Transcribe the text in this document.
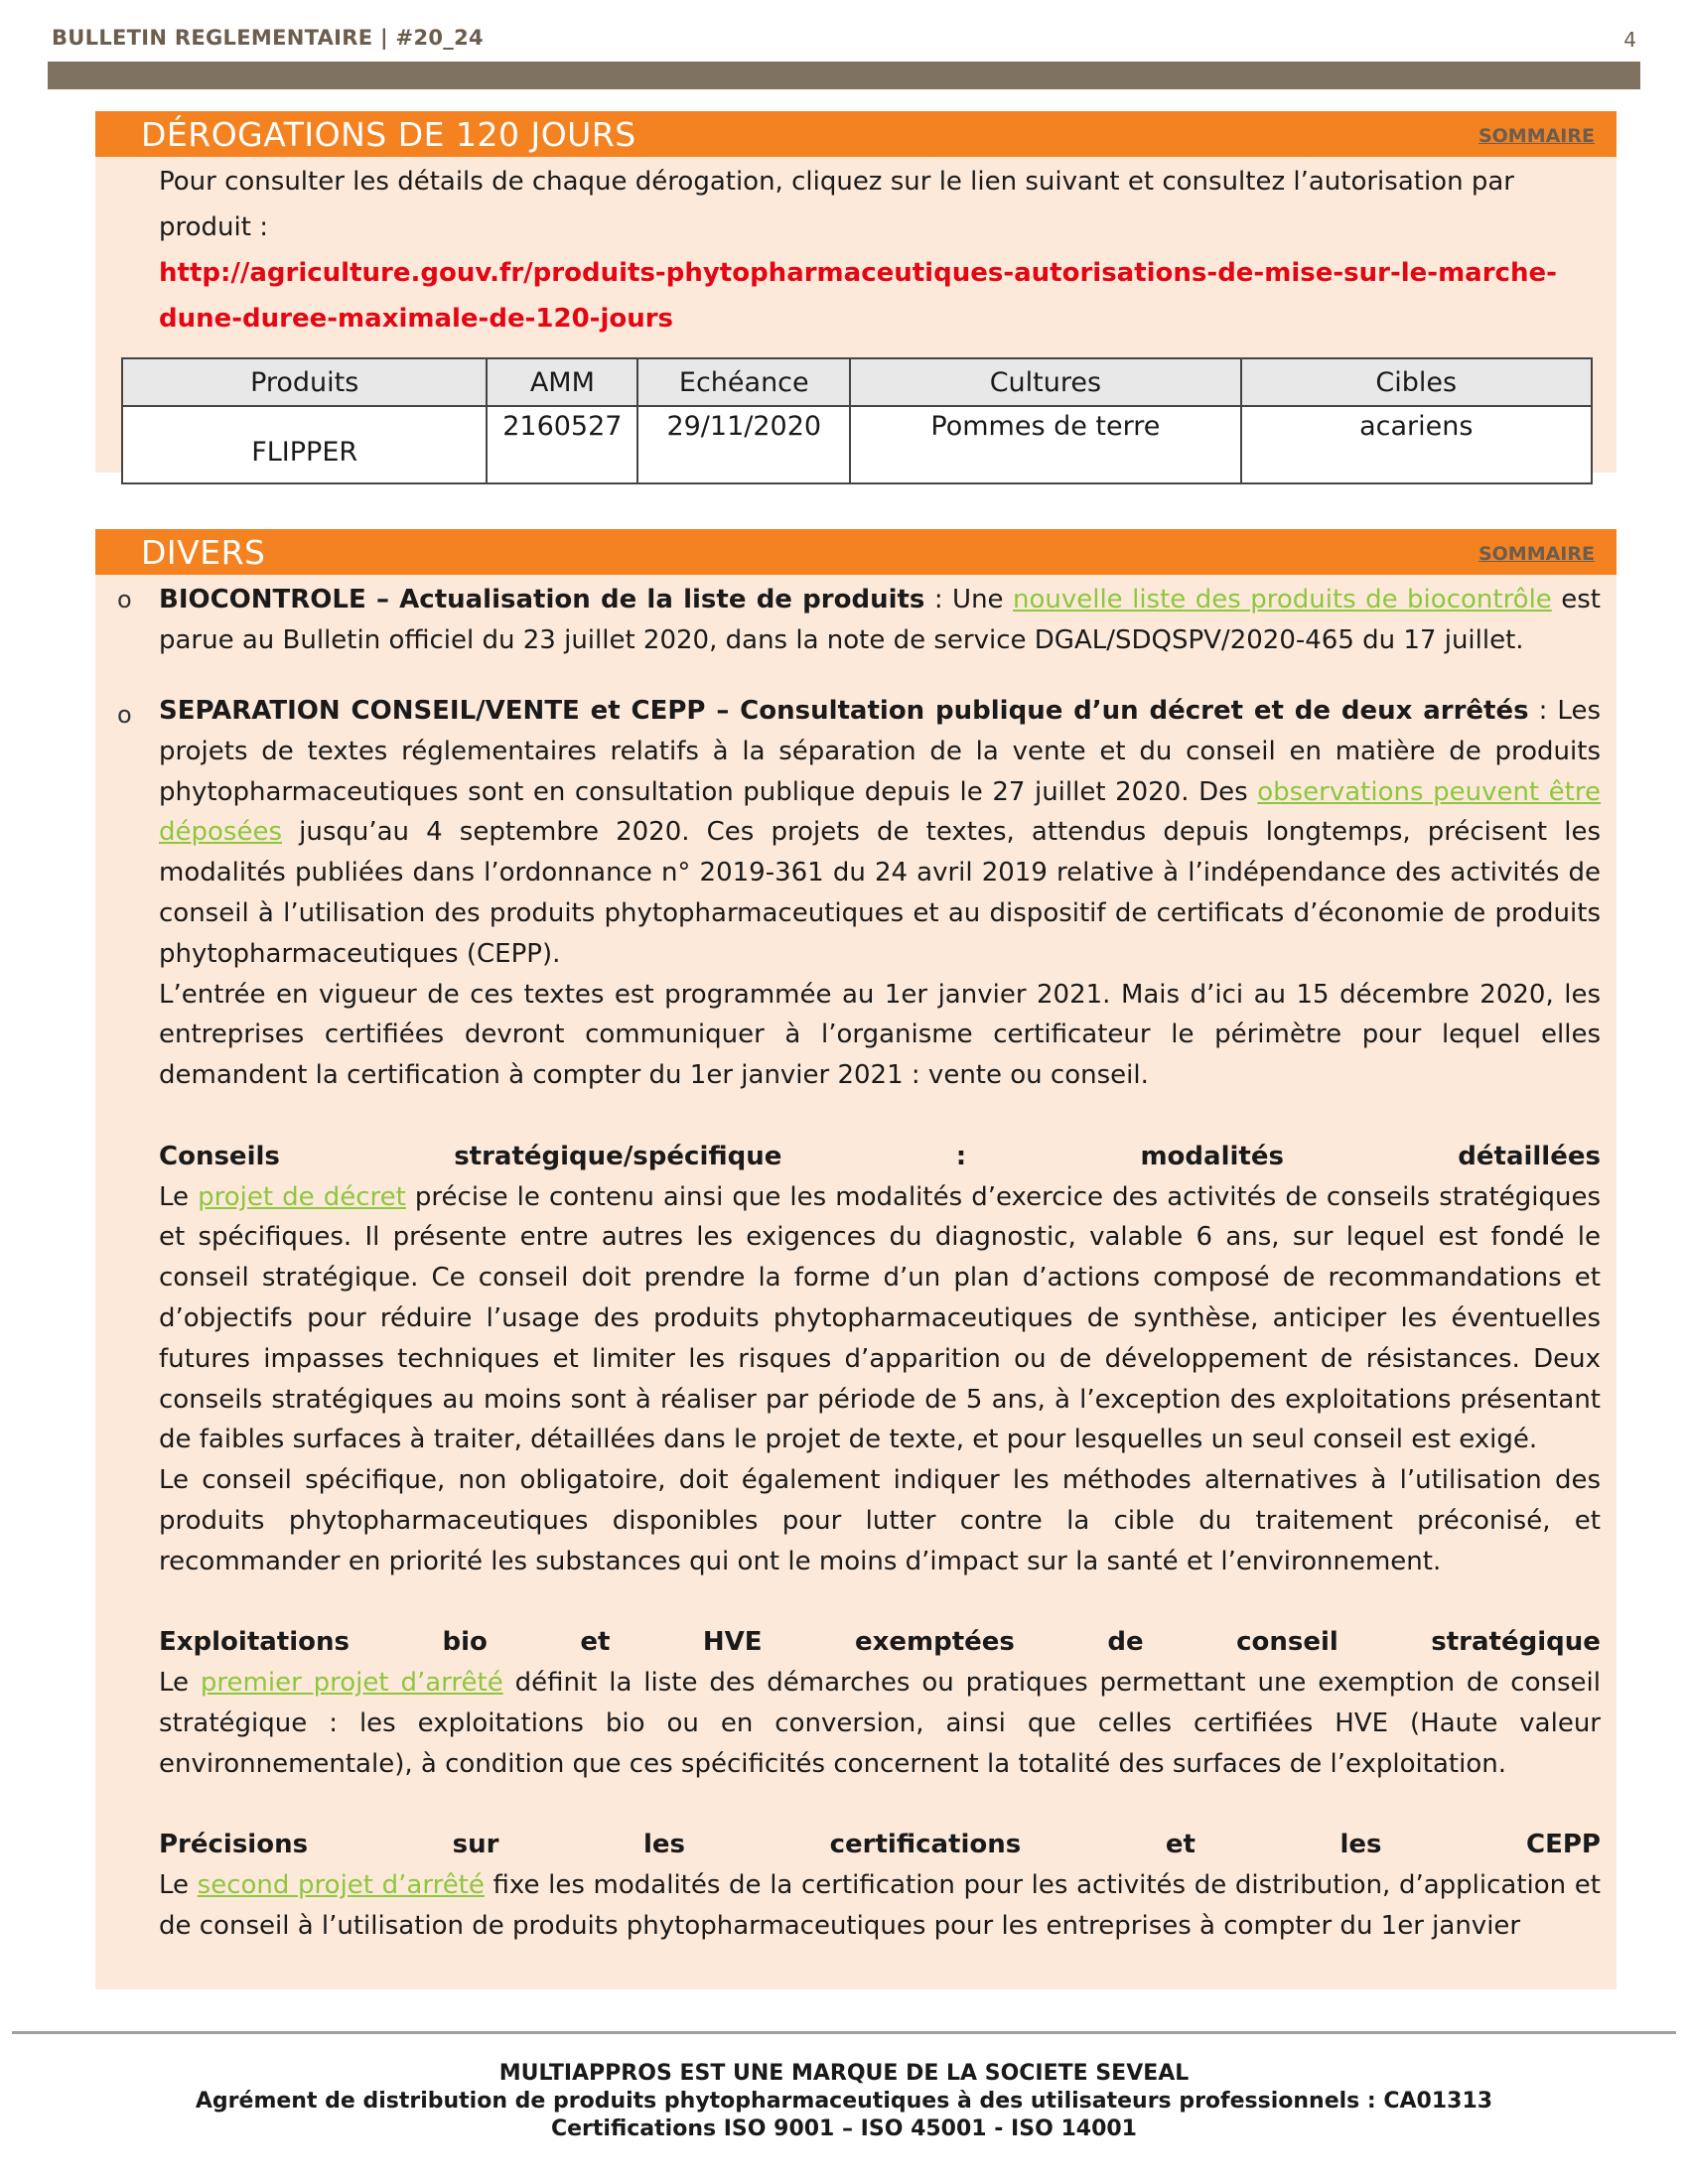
BULLETIN REGLEMENTAIRE | #20_24	4
DÉROGATIONS DE 120 JOURS	SOMMAIRE
Pour consulter les détails de chaque dérogation, cliquez sur le lien suivant et consultez l’autorisation par
produit :
http://agriculture.gouv.fr/produits-phytopharmaceutiques-autorisations-de-mise-sur-le-marche-
dune-duree-maximale-de-120-jours
Produits	AMM	Echéance	Cultures	Cibles
FLIPPER	2160527	29/11/2020	Pommes de terre	acariens
DIVERS	SOMMAIRE
o BIOCONTROLE – Actualisation de la liste de produits : Une nouvelle liste des produits de biocontrôle est parue au Bulletin officiel du 23 juillet 2020, dans la note de service DGAL/SDQSPV/2020-465 du 17 juillet.
o SEPARATION CONSEIL/VENTE et CEPP – Consultation publique d’un décret et de deux arrêtés : Les projets de textes réglementaires relatifs à la séparation de la vente et du conseil en matière de produits phytopharmaceutiques sont en consultation publique depuis le 27 juillet 2020. Des observations peuvent être déposées jusqu’au 4 septembre 2020. Ces projets de textes, attendus depuis longtemps, précisent les modalités publiées dans l’ordonnance n° 2019-361 du 24 avril 2019 relative à l’indépendance des activités de conseil à l’utilisation des produits phytopharmaceutiques et au dispositif de certificats d’économie de produits phytopharmaceutiques (CEPP).
L’entrée en vigueur de ces textes est programmée au 1er janvier 2021. Mais d’ici au 15 décembre 2020, les entreprises certifiées devront communiquer à l’organisme certificateur le périmètre pour lequel elles demandent la certification à compter du 1er janvier 2021 : vente ou conseil.
Conseils	stratégique/spécifique	:	modalités	détaillées
Le projet de décret précise le contenu ainsi que les modalités d’exercice des activités de conseils stratégiques et spécifiques. Il présente entre autres les exigences du diagnostic, valable 6 ans, sur lequel est fondé le conseil stratégique. Ce conseil doit prendre la forme d’un plan d’actions composé de recommandations et d’objectifs pour réduire l’usage des produits phytopharmaceutiques de synthèse, anticiper les éventuelles futures impasses techniques et limiter les risques d’apparition ou de développement de résistances. Deux conseils stratégiques au moins sont à réaliser par période de 5 ans, à l’exception des exploitations présentant de faibles surfaces à traiter, détaillées dans le projet de texte, et pour lesquelles un seul conseil est exigé.
Le conseil spécifique, non obligatoire, doit également indiquer les méthodes alternatives à l’utilisation des produits phytopharmaceutiques disponibles pour lutter contre la cible du traitement préconisé, et recommander en priorité les substances qui ont le moins d’impact sur la santé et l’environnement.
Exploitations	bio	et	HVE	exemptées	de	conseil	stratégique
Le premier projet d’arrêté définit la liste des démarches ou pratiques permettant une exemption de conseil stratégique : les exploitations bio ou en conversion, ainsi que celles certifiées HVE (Haute valeur environnementale), à condition que ces spécificités concernent la totalité des surfaces de l’exploitation.
Précisions	sur	les	certifications	et	les	CEPP
Le second projet d’arrêté fixe les modalités de la certification pour les activités de distribution, d’application et de conseil à l’utilisation de produits phytopharmaceutiques pour les entreprises à compter du 1er janvier
MULTIAPPROS EST UNE MARQUE DE LA SOCIETE SEVEAL
Agrément de distribution de produits phytopharmaceutiques à des utilisateurs professionnels : CA01313
Certifications ISO 9001 – ISO 45001 - ISO 14001
